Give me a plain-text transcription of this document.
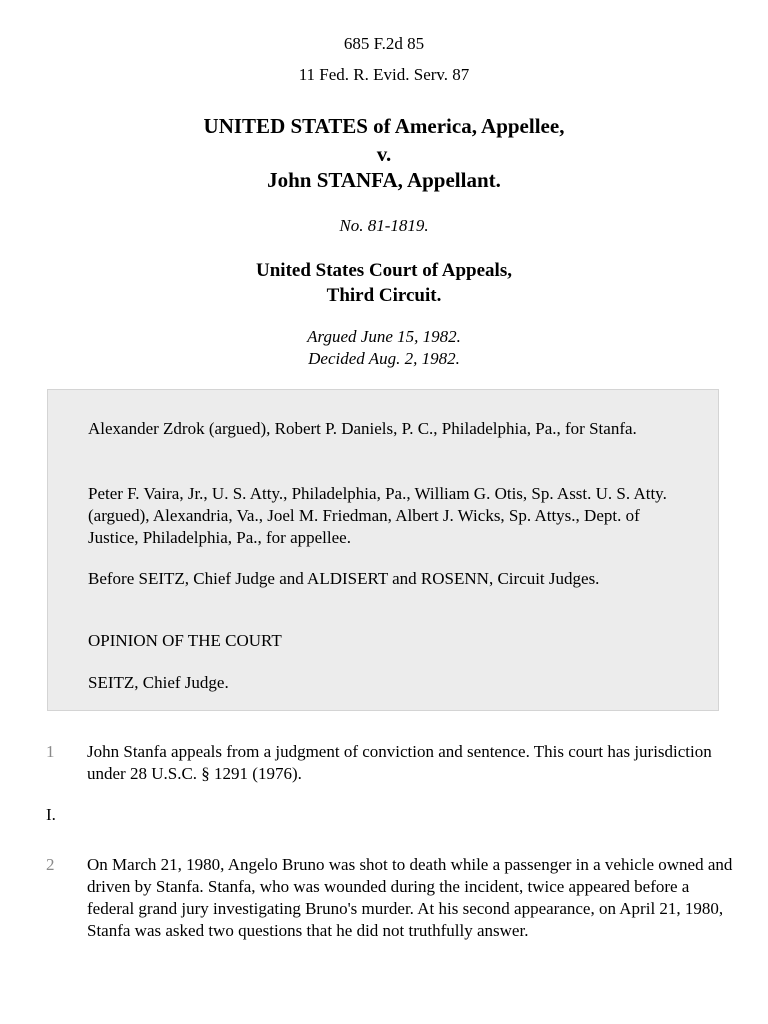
685 F.2d 85
11 Fed. R. Evid. Serv. 87
UNITED STATES of America, Appellee,
v.
John STANFA, Appellant.
No. 81-1819.
United States Court of Appeals,
Third Circuit.
Argued June 15, 1982.
Decided Aug. 2, 1982.
Alexander Zdrok (argued), Robert P. Daniels, P. C., Philadelphia, Pa., for Stanfa.
Peter F. Vaira, Jr., U. S. Atty., Philadelphia, Pa., William G. Otis, Sp. Asst. U. S. Atty. (argued), Alexandria, Va., Joel M. Friedman, Albert J. Wicks, Sp. Attys., Dept. of Justice, Philadelphia, Pa., for appellee.
Before SEITZ, Chief Judge and ALDISERT and ROSENN, Circuit Judges.
OPINION OF THE COURT
SEITZ, Chief Judge.
1 John Stanfa appeals from a judgment of conviction and sentence. This court has jurisdiction under 28 U.S.C. § 1291 (1976).
I.
2 On March 21, 1980, Angelo Bruno was shot to death while a passenger in a vehicle owned and driven by Stanfa. Stanfa, who was wounded during the incident, twice appeared before a federal grand jury investigating Bruno's murder. At his second appearance, on April 21, 1980, Stanfa was asked two questions that he did not truthfully answer.
